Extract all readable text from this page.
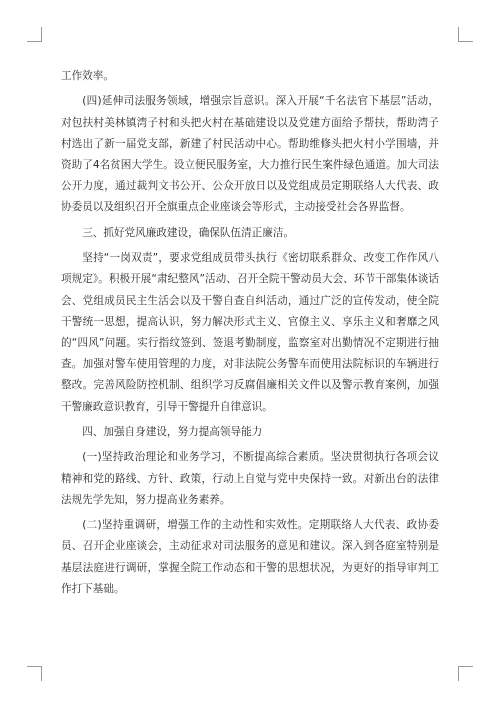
工作效率。

(四)延伸司法服务领域，增强宗旨意识。深入开展“千名法官下基层”活动，对包扶村美林镇湾子村和头把火村在基础建设以及党建方面给予帮扶，帮助湾子村选出了新一届党支部，新建了村民活动中心。帮助维修头把火村小学围墙，并资助了4名贫困大学生。设立便民服务室，大力推行民生案件绿色通道。加大司法公开力度，通过裁判文书公开、公众开放日以及党组成员定期联络人大代表、政协委员以及组织召开全旗重点企业座谈会等形式，主动接受社会各界监督。

三、抓好党风廉政建设，确保队伍清正廉洁。

坚持“一岗双责”，要求党组成员带头执行《密切联系群众、改变工作作风八项规定》。积极开展“肃纪整风”活动、召开全院干警动员大会、环节干部集体谈话会、党组成员民主生活会以及干警自查自纠活动，通过广泛的宣传发动，使全院干警统一思想，提高认识，努力解决形式主义、官僚主义、享乐主义和奢靡之风的“四风”问题。实行指纹签到、签退考勤制度，监察室对出勤情况不定期进行抽查。加强对警车使用管理的力度，对非法院公务警车而使用法院标识的车辆进行整改。完善风险防控机制、组织学习反腐倡廉相关文件以及警示教育案例，加强干警廉政意识教育，引导干警提升自律意识。

四、加强自身建设，努力提高领导能力

(一)坚持政治理论和业务学习，不断提高综合素质。坚决贯彻执行各项会议精神和党的路线、方针、政策，行动上自觉与党中央保持一致。对新出台的法律法规先学先知，努力提高业务素养。

(二)坚持重调研，增强工作的主动性和实效性。定期联络人大代表、政协委员、召开企业座谈会，主动征求对司法服务的意见和建议。深入到各庭室特别是基层法庭进行调研，掌握全院工作动态和干警的思想状况，为更好的指导审判工作打下基础。
